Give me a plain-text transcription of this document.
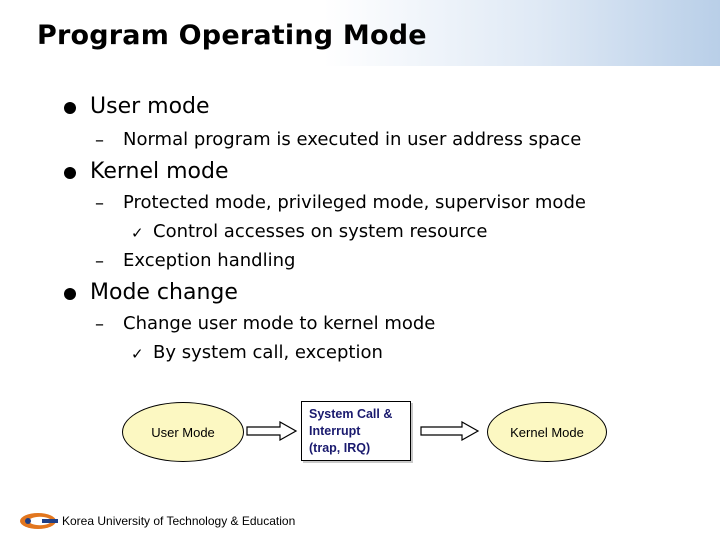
Program Operating Mode
User mode
– Normal program is executed in user address space
Kernel mode
– Protected mode, privileged mode, supervisor mode
✓ Control accesses on system resource
– Exception handling
Mode change
– Change user mode to kernel mode
✓ By system call, exception
User Mode
System Call &
Interrupt
(trap, IRQ)
Kernel Mode
Korea University of Technology & Education
